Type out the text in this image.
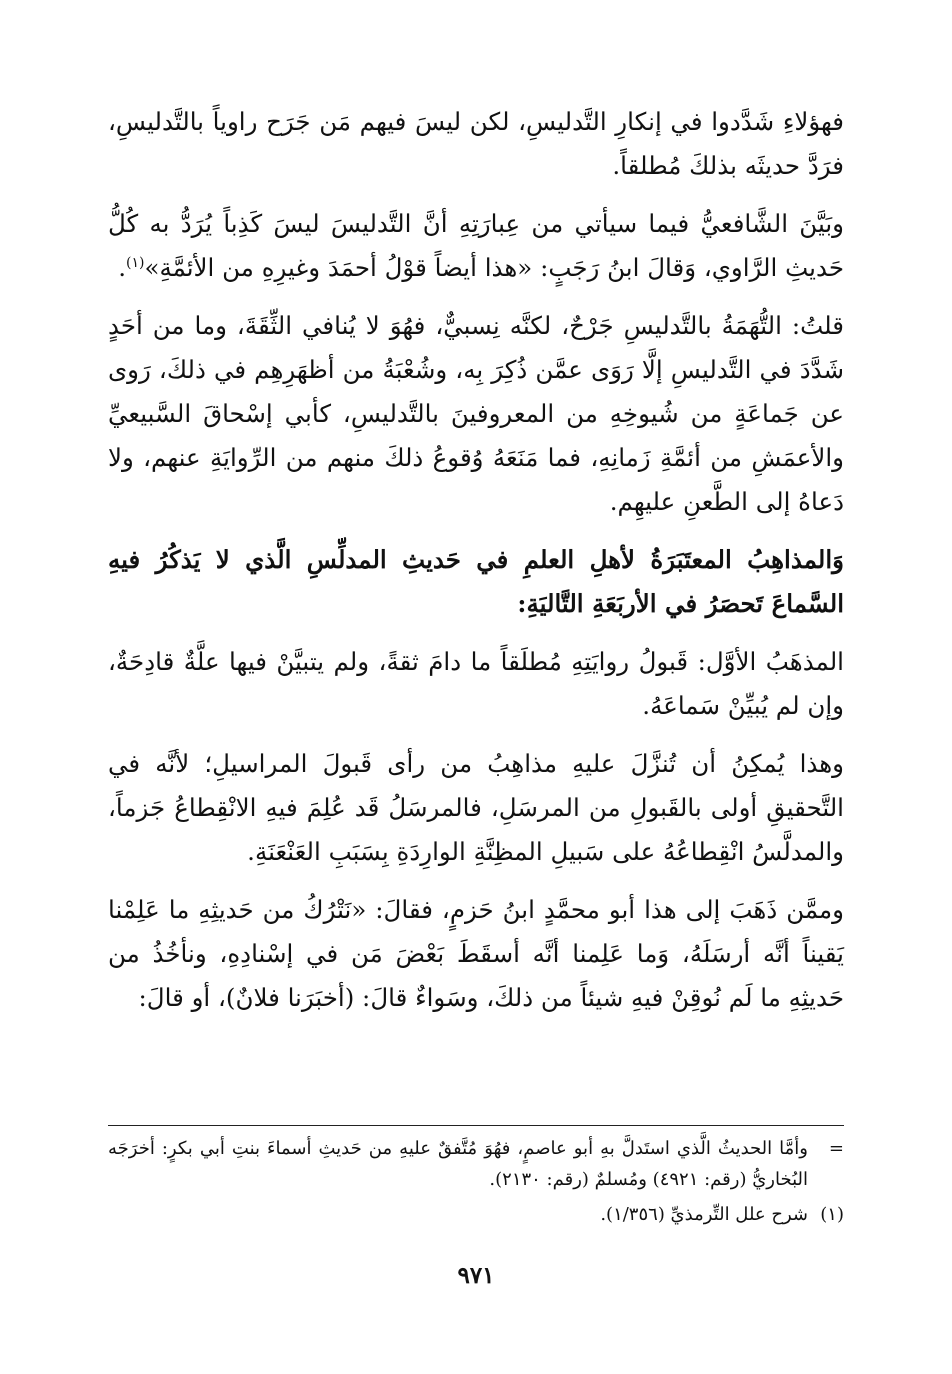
فهؤلاءِ شَدَّدوا في إنكارِ التَّدليسِ، لكن ليسَ فيهم مَن جَرَح راوياً بالتَّدليسِ، فرَدَّ حديثَه بذلكَ مُطلقاً.

وبَيَّنَ الشَّافعيُّ فيما سيأتي من عِبارَتِهِ أنَّ التَّدليسَ ليسَ كَذِباً يُرَدُّ به كُلُّ حَديثِ الرَّاوي، وَقالَ ابنُ رَجَبٍ: «هذا أيضاً قوْلُ أحمَدَ وغيرِهِ من الأئمَّةِ»$^{(١)}$.

قلتُ: التُّهَمَةُ بالتَّدليسِ جَرْحٌ، لكنَّه نِسبيٌّ، فهُوَ لا يُنافي الثِّقَةَ، وما من أحَدٍ شَدَّدَ في التَّدليسِ إلَّا رَوَى عمَّن ذُكِرَ بِه، وشُعْبَةُ من أظهَرِهِم في ذلكَ، رَوى عن جَماعَةٍ من شُيوخِهِ من المعروفينَ بالتَّدليسِ، كأبي إسْحاقَ السَّبيعيِّ والأعمَشِ من أئمَّةِ زَمانِهِ، فما مَنَعَهُ وُقوعُ ذلكَ منهم من الرِّوايَةِ عنهم، ولا دَعاهُ إلى الطَّعنِ عليهِم.

وَالمذاهِبُ المعتَبَرَةُ لأهلِ العلمِ في حَديثِ المدلِّسِ الَّذي لا يَذكُرُ فيهِ السَّماعَ تَحصَرُ في الأربَعَةِ التَّاليَةِ:

المذهَبُ الأوَّل: قَبولُ روايَتِهِ مُطلَقاً ما دامَ ثقةً، ولم يتبيَّنْ فيها علَّةٌ قادِحَةٌ، وإن لم يُبيِّنْ سَماعَهُ.

وهذا يُمكِنُ أن تُنزَّلَ عليهِ مذاهِبُ من رأى قَبولَ المراسيلِ؛ لأنَّه في التَّحقيقِ أولى بالقَبولِ من المرسَلِ، فالمرسَلُ قَد عُلِمَ فيهِ الانْقِطاعُ جَزماً، والمدلَّسُ انْقِطاعُهُ على سَبيلِ المظِنَّةِ الوارِدَةِ بِسَبَبِ العَنْعَنَةِ.

وممَّن ذَهَبَ إلى هذا أبو محمَّدٍ ابنُ حَزمٍ، فقالَ: «نَتْرُكُ من حَديثِهِ ما عَلِمْنا يَقيناً أنَّه أرسَلَهُ، وَما عَلِمنا أنَّه أسقَطَ بَعْضَ مَن في إسْنادِهِ، ونأخُذُ من حَديثِهِ ما لَم نُوقِنْ فيهِ شيئاً من ذلكَ، وسَواءٌ قالَ: (أخبَرَنا فلانٌ)، أو قالَ:

=
وأمَّا الحديثُ الَّذي استَدلَّ بهِ أبو عاصمٍ، فهُوَ مُتَّفقٌ عليهِ من حَديثِ أسماءَ بنتِ أبي بكرٍ: أخرَجَه البُخاريُّ (رقم: ٤٩٢١) ومُسلمٌ (رقم: ٢١٣٠).
(١)
شرح علل التِّرمذيِّ (١/٣٥٦).
٩٧١
